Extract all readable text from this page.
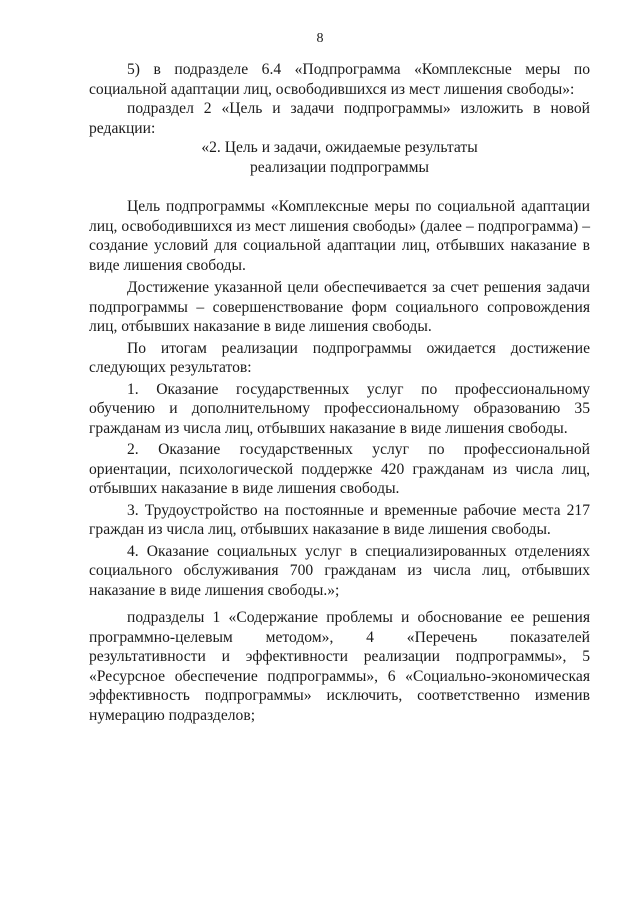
8

5) в подразделе 6.4 «Подпрограмма «Комплексные меры по социальной адаптации лиц, освободившихся из мест лишения свободы»:

подраздел 2 «Цель и задачи подпрограммы» изложить в новой редакции:

«2. Цель и задачи, ожидаемые результаты

реализации подпрограммы

Цель подпрограммы «Комплексные меры по социальной адаптации лиц, освободившихся из мест лишения свободы» (далее – подпрограмма) – создание условий для социальной адаптации лиц, отбывших наказание в виде лишения свободы.

Достижение указанной цели обеспечивается за счет решения задачи подпрограммы – совершенствование форм социального сопровождения лиц, отбывших наказание в виде лишения свободы.

По итогам реализации подпрограммы ожидается достижение следующих результатов:

1. Оказание государственных услуг по профессиональному обучению и дополнительному профессиональному образованию 35 гражданам из числа лиц, отбывших наказание в виде лишения свободы.

2. Оказание государственных услуг по профессиональной ориентации, психологической поддержке 420 гражданам из числа лиц, отбывших наказание в виде лишения свободы.

3. Трудоустройство на постоянные и временные рабочие места 217 граждан из числа лиц, отбывших наказание в виде лишения свободы.

4. Оказание социальных услуг в специализированных отделениях социального обслуживания 700 гражданам из числа лиц, отбывших наказание в виде лишения свободы.»;

подразделы 1 «Содержание проблемы и обоснование ее решения программно-целевым методом», 4 «Перечень показателей результативности и эффективности реализации подпрограммы», 5 «Ресурсное обеспечение подпрограммы», 6 «Социально-экономическая эффективность подпрограммы» исключить, соответственно изменив нумерацию подразделов;
